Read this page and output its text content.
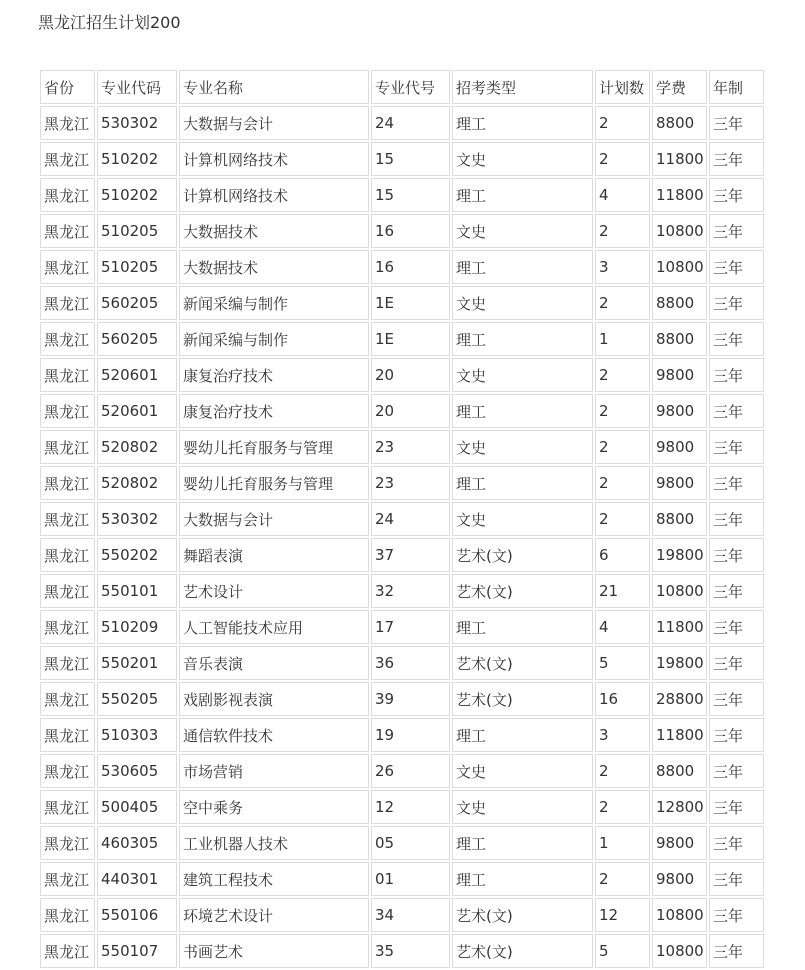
黑龙江招生计划200
省份	专业代码	专业名称	专业代号	招考类型	计划数	学费	年制
黑龙江	530302	大数据与会计	24	理工	2	8800	三年
黑龙江	510202	计算机网络技术	15	文史	2	11800	三年
黑龙江	510202	计算机网络技术	15	理工	4	11800	三年
黑龙江	510205	大数据技术	16	文史	2	10800	三年
黑龙江	510205	大数据技术	16	理工	3	10800	三年
黑龙江	560205	新闻采编与制作	1E	文史	2	8800	三年
黑龙江	560205	新闻采编与制作	1E	理工	1	8800	三年
黑龙江	520601	康复治疗技术	20	文史	2	9800	三年
黑龙江	520601	康复治疗技术	20	理工	2	9800	三年
黑龙江	520802	婴幼儿托育服务与管理	23	文史	2	9800	三年
黑龙江	520802	婴幼儿托育服务与管理	23	理工	2	9800	三年
黑龙江	530302	大数据与会计	24	文史	2	8800	三年
黑龙江	550202	舞蹈表演	37	艺术(文)	6	19800	三年
黑龙江	550101	艺术设计	32	艺术(文)	21	10800	三年
黑龙江	510209	人工智能技术应用	17	理工	4	11800	三年
黑龙江	550201	音乐表演	36	艺术(文)	5	19800	三年
黑龙江	550205	戏剧影视表演	39	艺术(文)	16	28800	三年
黑龙江	510303	通信软件技术	19	理工	3	11800	三年
黑龙江	530605	市场营销	26	文史	2	8800	三年
黑龙江	500405	空中乘务	12	文史	2	12800	三年
黑龙江	460305	工业机器人技术	05	理工	1	9800	三年
黑龙江	440301	建筑工程技术	01	理工	2	9800	三年
黑龙江	550106	环境艺术设计	34	艺术(文)	12	10800	三年
黑龙江	550107	书画艺术	35	艺术(文)	5	10800	三年
